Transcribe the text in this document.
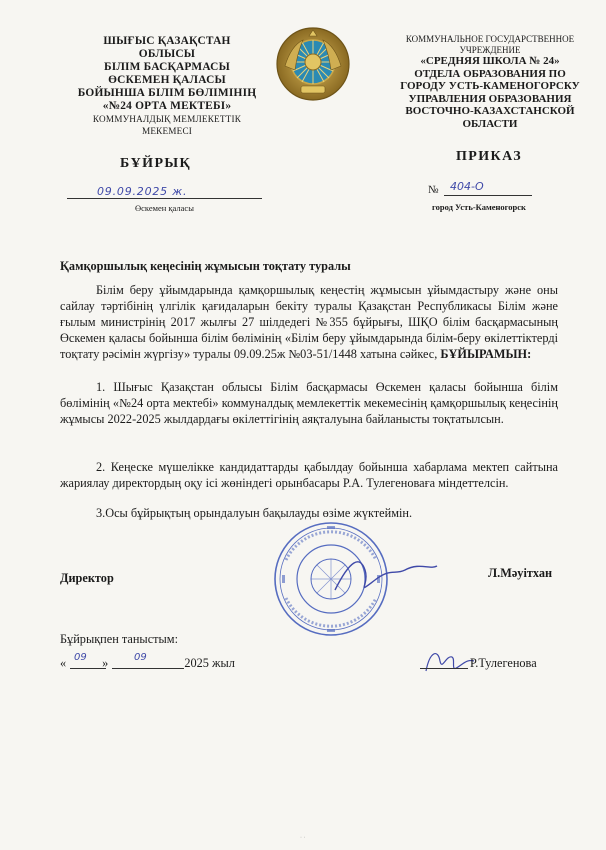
ШЫҒЫС ҚАЗАҚСТАН
ОБЛЫСЫ
БІЛІМ БАСҚАРМАСЫ
ӨСКЕМЕН ҚАЛАСЫ
БОЙЫНША БІЛІМ БӨЛІМІНІҢ
«№24 ОРТА МЕКТЕБІ»
КОММУНАЛДЫҚ МЕМЛЕКЕТТІК
МЕКЕМЕСІ
КОММУНАЛЬНОЕ ГОСУДАРСТВЕННОЕ
УЧРЕЖДЕНИЕ
«СРЕДНЯЯ ШКОЛА № 24»
ОТДЕЛА ОБРАЗОВАНИЯ ПО
ГОРОДУ УСТЬ-КАМЕНОГОРСКУ
УПРАВЛЕНИЯ ОБРАЗОВАНИЯ
ВОСТОЧНО-КАЗАХСТАНСКОЙ
ОБЛАСТИ
БҰЙРЫҚ	ПРИКАЗ
09.09.2025 ж.
Өскемен қаласы
№ 404-О
город Усть-Каменогорск
Қамқоршылық кеңесінің жұмысын тоқтату туралы

Білім беру ұйымдарында қамқоршылық кеңестің жұмысын ұйымдастыру және оны сайлау тәртібінің үлгілік қағидаларын бекіту туралы Қазақстан Республикасы Білім және ғылым министрінің 2017 жылғы 27 шілдедегі №355 бұйрығы, ШҚО білім басқармасының Өскемен қаласы бойынша білім бөлімінің «Білім беру ұйымдарында білім-беру өкілеттіктерді тоқтату рәсімін жүргізу» туралы 09.09.25ж №03-51/1448 хатына сәйкес, БҰЙЫРАМЫН:

1. Шығыс Қазақстан облысы Білім басқармасы Өскемен қаласы бойынша білім бөлімінің «№24 орта мектебі» коммуналдық мемлекеттік мекемесінің қамқоршылық кеңесінің жұмысы 2022-2025 жылдардағы өкілеттігінің аяқталуына байланысты тоқтатылсын.

2. Кеңеске мүшелікке кандидаттарды қабылдау бойынша хабарлама мектеп сайтына жариялау директордың оқу ісі жөніндегі орынбасары Р.А. Тулегеноваға міндеттелсін.

3.Осы бұйрықтың орындалуын бақылауды өзіме жүктеймін.

Директор	Л.Мәуітхан
Бұйрықпен таныстым:
«	»	2025 жыл
09	09	Р.Тулегенова
· ·
